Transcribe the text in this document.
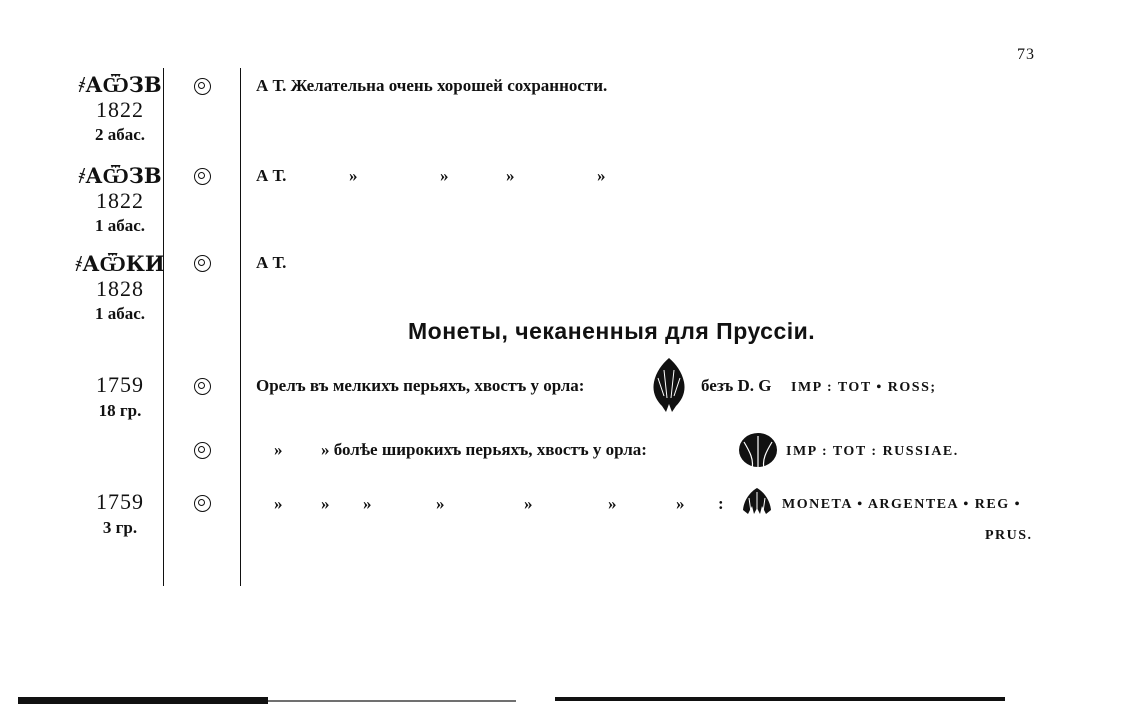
73
҂АѾЗВ
1822
2 абас.
А Т. Желательна очень хорошей сохранности.
҂АѾЗВ
1822
1 абас.
А Т.	»	»	»	»
҂АѾКИ
1828
1 абас.
А Т.
Монеты, чеканенныя для Пруссіи.
1759
18 гр.
Орелъ въ мелкихъ перьяхъ, хвостъ у орла:	безъ D. G IMP : TOT • ROSS;
» » болѣе широкихъ перьяхъ, хвостъ у орла:	IMP : TOT : RUSSIAE.
1759
3 гр.
» » »	»	»	»	» :	MONETA • ARGENTEA • REG •
PRUS.
